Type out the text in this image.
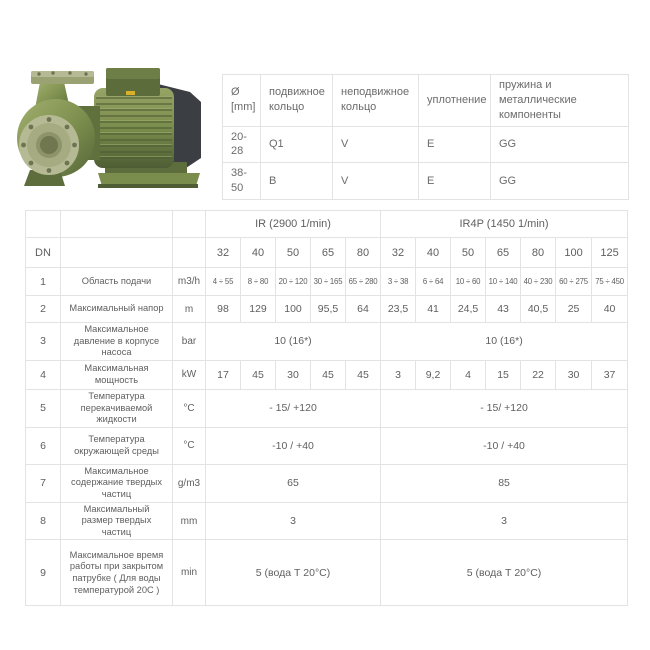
Ø [mm]	подвижное кольцо	неподвижное кольцо	уплотнение	пружина и металлические компоненты
20-28	Q1	V	E	GG
38-50	B	V	E	GG
			IR (2900 1/min)					IR4P (1450 1/min)						
DN			32	40	50	65	80	32	40	50	65	80	100	125
1	Область подачи	m3/h	4 ÷ 55	8 ÷ 80	20 ÷ 120	30 ÷ 165	65 ÷ 280	3 ÷ 38	6 ÷ 64	10 ÷ 60	10 ÷ 140	40 ÷ 230	60 ÷ 275	75 ÷ 450
2	Максимальный напор	m	98	129	100	95,5	64	23,5	41	24,5	43	40,5	25	40
3	Максимальное давление в корпусе насоса	bar	10 (16*)					10 (16*)						
4	Максимальная мощность	kW	17	45	30	45	45	3	9,2	4	15	22	30	37
5	Температура перекачиваемой жидкости	°C	- 15/ +120					- 15/ +120						
6	Температура окружающей среды	°C	-10 / +40					-10 / +40						
7	Максимальное содержание твердых частиц	g/m3	65					85						
8	Максимальный размер твердых частиц	mm	3					3						
9	Максимальное время работы при закрытом патрубке ( Для воды температурой 20С )	min	5 (вода Т 20°C)					5 (вода Т 20°C)						
